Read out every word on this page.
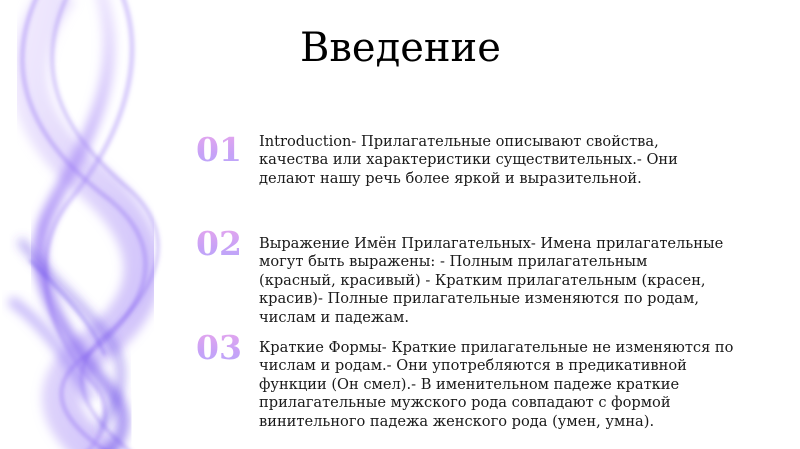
Введение
01 Introduction- Прилагательные описывают свойства,
качества или характеристики существительных.- Они
делают нашу речь более яркой и выразительной.
02 Выражение Имён Прилагательных- Имена прилагательные
могут быть выражены: - Полным прилагательным
(красный, красивый) - Кратким прилагательным (красен,
красив)- Полные прилагательные изменяются по родам,
числам и падежам.
03 Краткие Формы- Краткие прилагательные не изменяются по
числам и родам.- Они употребляются в предикативной
функции (Он смел).- В именительном падеже краткие
прилагательные мужского рода совпадают с формой
винительного падежа женского рода (умен, умна).
